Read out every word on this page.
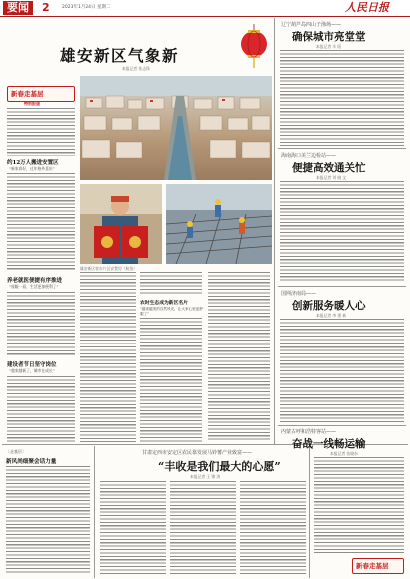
要闻	2	2023年1月24日 星期二	人民日报
雄安新区气象新
本报记者 张志锋
新春走基层
特别报道
约12万人搬进安置区
“新家真好，过年格外喜庆”
雄安新区容东片区安置房（航拍）
农时生态成为新区名片
“越来越美的自然风光，让大家心里更舒服了”
养老就医便捷有序推进
“放眼一看，生活更加便利了”
建设者节日坚守岗位
“越来越新了，城市在成长”
辽宁葫芦岛四山子渔场——
确保城市亮堂堂
本报记者 辛 阳
海南海口美兰边检站——
便捷高效通关忙
本报记者 刘 晓 文
国网济南局——
创新服务暖人心
本报记者 李 建 新
内蒙古呼和浩特客站——
奋战一线畅运输
本报记者 张晓东
新春走基层
〔走基层〕
新风尚细聚会话力量
甘肃定西市安定区农民靠发展马铃薯产业致富——
“丰收是我们最大的心愿”
本报记者 王 锦 涛
